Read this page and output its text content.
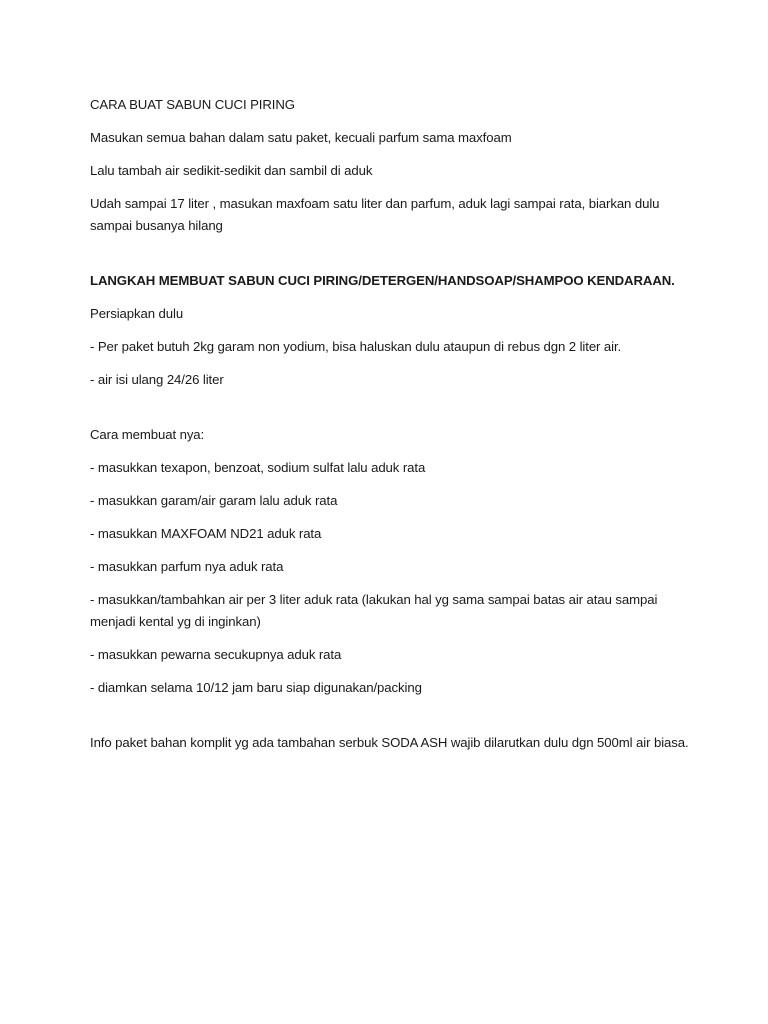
CARA BUAT SABUN CUCI PIRING

Masukan semua bahan dalam satu paket, kecuali parfum sama maxfoam

Lalu tambah air sedikit-sedikit dan sambil di aduk

Udah sampai 17 liter , masukan maxfoam satu liter dan parfum, aduk lagi sampai rata, biarkan dulu sampai busanya hilang

LANGKAH MEMBUAT SABUN CUCI PIRING/DETERGEN/HANDSOAP/SHAMPOO KENDARAAN.

Persiapkan dulu

- Per paket butuh 2kg garam non yodium, bisa haluskan dulu ataupun di rebus dgn 2 liter air.

- air isi ulang 24/26 liter

Cara membuat nya:

- masukkan texapon, benzoat, sodium sulfat lalu aduk rata

- masukkan garam/air garam lalu aduk rata

- masukkan MAXFOAM ND21 aduk rata

- masukkan parfum nya aduk rata

- masukkan/tambahkan air per 3 liter aduk rata (lakukan hal yg sama sampai batas air atau sampai menjadi kental yg di inginkan)

- masukkan pewarna secukupnya aduk rata

- diamkan selama 10/12 jam baru siap digunakan/packing

Info paket bahan komplit yg ada tambahan serbuk SODA ASH wajib dilarutkan dulu dgn 500ml air biasa.
